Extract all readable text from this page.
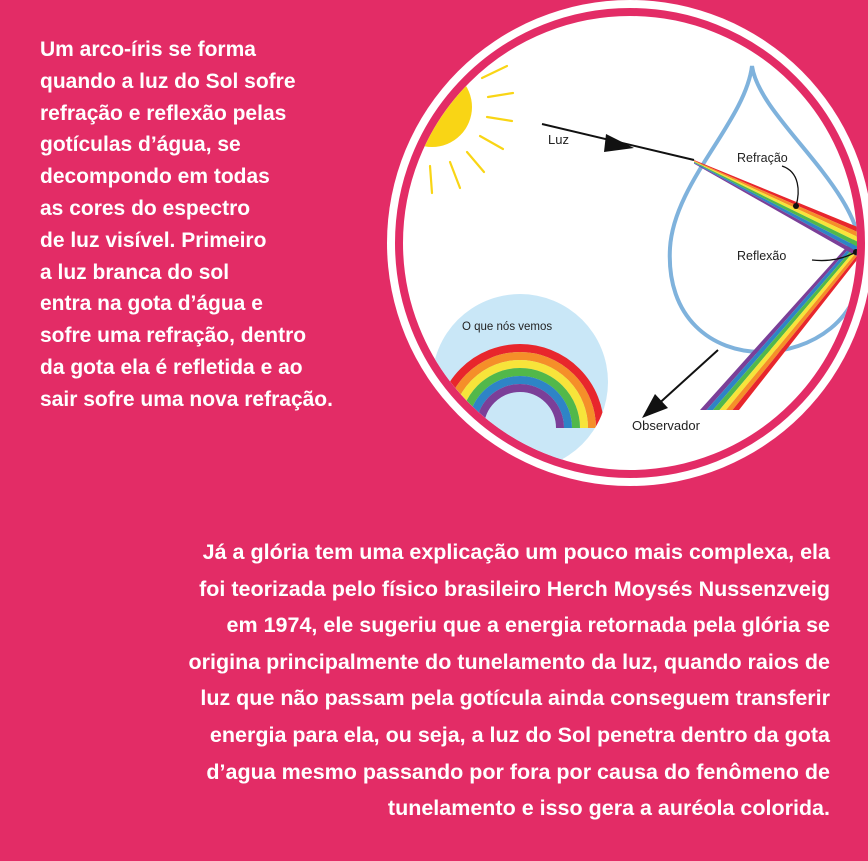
Um arco-íris se forma
quando a luz do Sol sofre
refração e reflexão pelas
gotículas d’água, se
decompondo em todas
as cores do espectro
de luz visível. Primeiro
a luz branca do sol
entra na gota d’água e
sofre uma refração, dentro
da gota ela é refletida e ao
sair sofre uma nova refração.
Luz
Refração
Reflexão
Observador
O que nós vemos
Já a glória tem uma explicação um pouco mais complexa, ela
foi teorizada pelo físico brasileiro Herch Moysés Nussenzveig
em 1974, ele sugeriu que a energia retornada pela glória se
origina principalmente do tunelamento da luz, quando raios de
luz que não passam pela gotícula ainda conseguem transferir
energia para ela, ou seja, a luz do Sol penetra dentro da gota
d’agua mesmo passando por fora por causa do fenômeno de
tunelamento e isso gera a auréola colorida.
